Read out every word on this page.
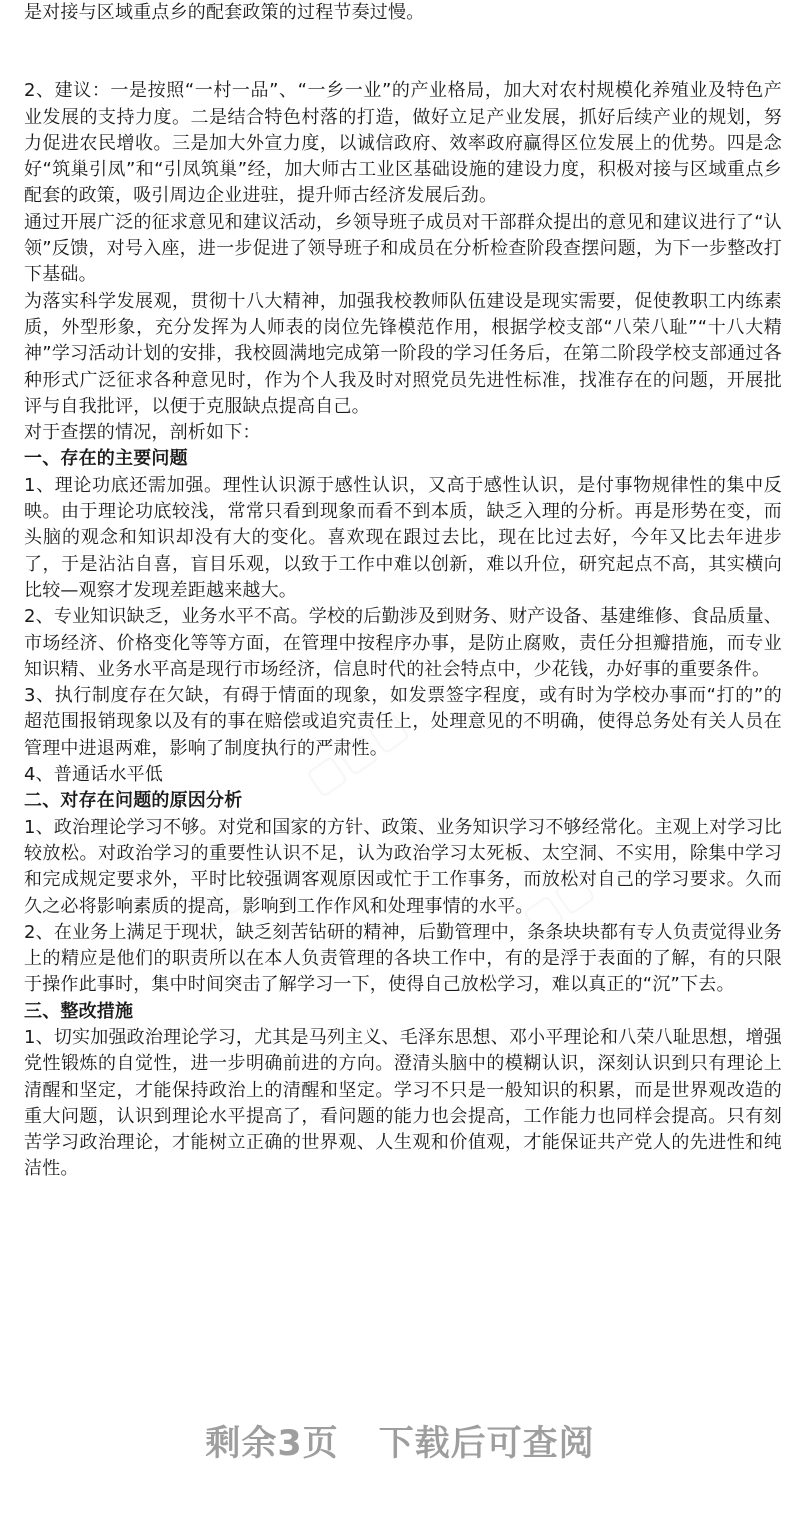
▢▢▢
▢▢	▢▢

是对接与区域重点乡的配套政策的过程节奏过慢。

2、建议：一是按照“一村一品”、“一乡一业”的产业格局，加大对农村规模化养殖业及特色产业发展的支持力度。二是结合特色村落的打造，做好立足产业发展，抓好后续产业的规划，努力促进农民增收。三是加大外宣力度，以诚信政府、效率政府赢得区位发展上的优势。四是念好“筑巢引凤”和“引凤筑巢”经，加大师古工业区基础设施的建设力度，积极对接与区域重点乡配套的政策，吸引周边企业进驻，提升师古经济发展后劲。

通过开展广泛的征求意见和建议活动，乡领导班子成员对干部群众提出的意见和建议进行了“认领”反馈，对号入座，进一步促进了领导班子和成员在分析检查阶段查摆问题，为下一步整改打下基础。

为落实科学发展观，贯彻十八大精神，加强我校教师队伍建设是现实需要，促使教职工内练素质，外型形象，充分发挥为人师表的岗位先锋模范作用，根据学校支部“八荣八耻”“十八大精神”学习活动计划的安排，我校圆满地完成第一阶段的学习任务后，在第二阶段学校支部通过各种形式广泛征求各种意见时，作为个人我及时对照党员先进性标准，找准存在的问题，开展批评与自我批评，以便于克服缺点提高自己。

对于查摆的情况，剖析如下：

一、存在的主要问题

1、理论功底还需加强。理性认识源于感性认识，又高于感性认识，是付事物规律性的集中反映。由于理论功底较浅，常常只看到现象而看不到本质，缺乏入理的分析。再是形势在变，而头脑的观念和知识却没有大的变化。喜欢现在跟过去比，现在比过去好，今年又比去年进步了，于是沾沾自喜，盲目乐观，以致于工作中难以创新，难以升位，研究起点不高，其实横向比较—观察才发现差距越来越大。

2、专业知识缺乏，业务水平不高。学校的后勤涉及到财务、财产设备、基建维修、食品质量、市场经济、价格变化等等方面，在管理中按程序办事，是防止腐败，责任分担瓣措施，而专业知识精、业务水平高是现行市场经济，信息时代的社会特点中，少花钱，办好事的重要条件。

3、执行制度存在欠缺，有碍于情面的现象，如发票签字程度，或有时为学校办事而“打的”的超范围报销现象以及有的事在赔偿或追究责任上，处理意见的不明确，使得总务处有关人员在管理中进退两难，影响了制度执行的严肃性。

4、普通话水平低

二、对存在问题的原因分析

1、政治理论学习不够。对党和国家的方针、政策、业务知识学习不够经常化。主观上对学习比较放松。对政治学习的重要性认识不足，认为政治学习太死板、太空洞、不实用，除集中学习和完成规定要求外，平时比较强调客观原因或忙于工作事务，而放松对自己的学习要求。久而久之必将影响素质的提高，影响到工作作风和处理事情的水平。

2、在业务上满足于现状，缺乏刻苦钻研的精神，后勤管理中，条条块块都有专人负责觉得业务上的精应是他们的职责所以在本人负责管理的各块工作中，有的是浮于表面的了解，有的只限于操作此事时，集中时间突击了解学习一下，使得自己放松学习，难以真正的“沉”下去。

三、整改措施

1、切实加强政治理论学习，尤其是马列主义、毛泽东思想、邓小平理论和八荣八耻思想，增强党性锻炼的自觉性，进一步明确前进的方向。澄清头脑中的模糊认识，深刻认识到只有理论上清醒和坚定，才能保持政治上的清醒和坚定。学习不只是一般知识的积累，而是世界观改造的重大问题，认识到理论水平提高了，看问题的能力也会提高，工作能力也同样会提高。只有刻苦学习政治理论，才能树立正确的世界观、人生观和价值观，才能保证共产党人的先进性和纯洁性。

剩余3页 下载后可查阅
